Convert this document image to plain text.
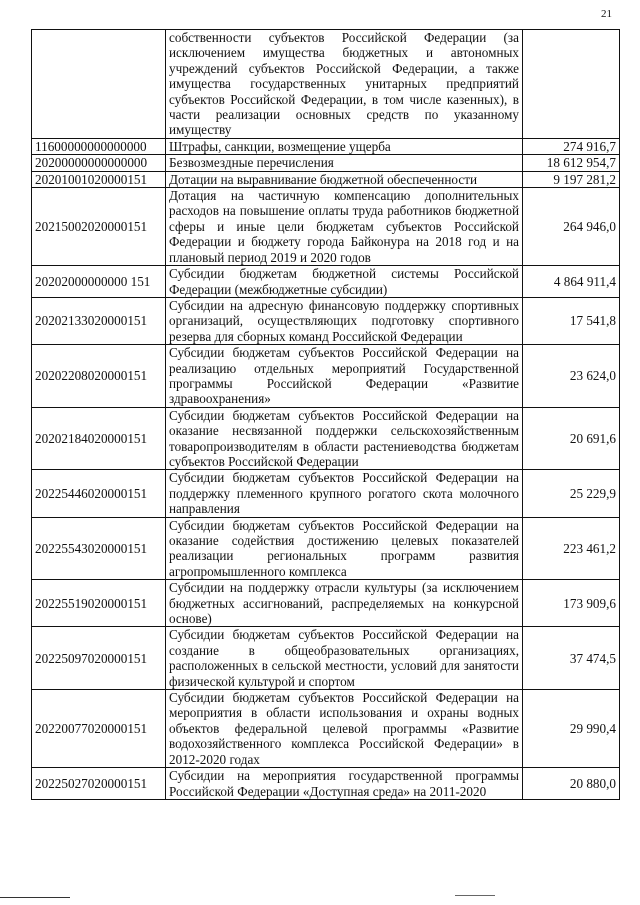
21
	собственности субъектов Российской Федерации (за исключением имущества бюджетных и автономных учреждений субъектов Российской Федерации, а также имущества государственных унитарных предприятий субъектов Российской Федерации, в том числе казенных), в части реализации основных средств по указанному имуществу	
11600000000000000	Штрафы, санкции, возмещение ущерба	274 916,7
20200000000000000	Безвозмездные перечисления	18 612 954,7
20201001020000151	Дотации на выравнивание бюджетной обеспеченности	9 197 281,2
20215002020000151	Дотация на частичную компенсацию дополнительных расходов на повышение оплаты труда работников бюджетной сферы и иные цели бюджетам субъектов Российской Федерации и бюджету города Байконура на 2018 год и на плановый период 2019 и 2020 годов	264 946,0
20202000000000 151	Субсидии бюджетам бюджетной системы Российской Федерации (межбюджетные субсидии)	4 864 911,4
20202133020000151	Субсидии на адресную финансовую поддержку спортивных организаций, осуществляющих подготовку спортивного резерва для сборных команд Российской Федерации	17 541,8
20202208020000151	Субсидии бюджетам субъектов Российской Федерации на реализацию отдельных мероприятий Государственной программы Российской Федерации «Развитие здравоохранения»	23 624,0
20202184020000151	Субсидии бюджетам субъектов Российской Федерации на оказание несвязанной поддержки сельскохозяйственным товаропроизводителям в области растениеводства бюджетам субъектов Российской Федерации	20 691,6
20225446020000151	Субсидии бюджетам субъектов Российской Федерации на поддержку племенного крупного рогатого скота молочного направления	25 229,9
20225543020000151	Субсидии бюджетам субъектов Российской Федерации на оказание содействия достижению целевых показателей реализации региональных программ развития агропромышленного комплекса	223 461,2
20225519020000151	Субсидии на поддержку отрасли культуры (за исключением бюджетных ассигнований, распределяемых на конкурсной основе)	173 909,6
20225097020000151	Субсидии бюджетам субъектов Российской Федерации на создание в общеобразовательных организациях, расположенных в сельской местности, условий для занятости физической культурой и спортом	37 474,5
20220077020000151	Субсидии бюджетам субъектов Российской Федерации на мероприятия в области использования и охраны водных объектов федеральной целевой программы «Развитие водохозяйственного комплекса Российской Федерации» в 2012-2020 годах	29 990,4
20225027020000151	Субсидии на мероприятия государственной программы Российской Федерации «Доступная среда» на 2011-2020	20 880,0
